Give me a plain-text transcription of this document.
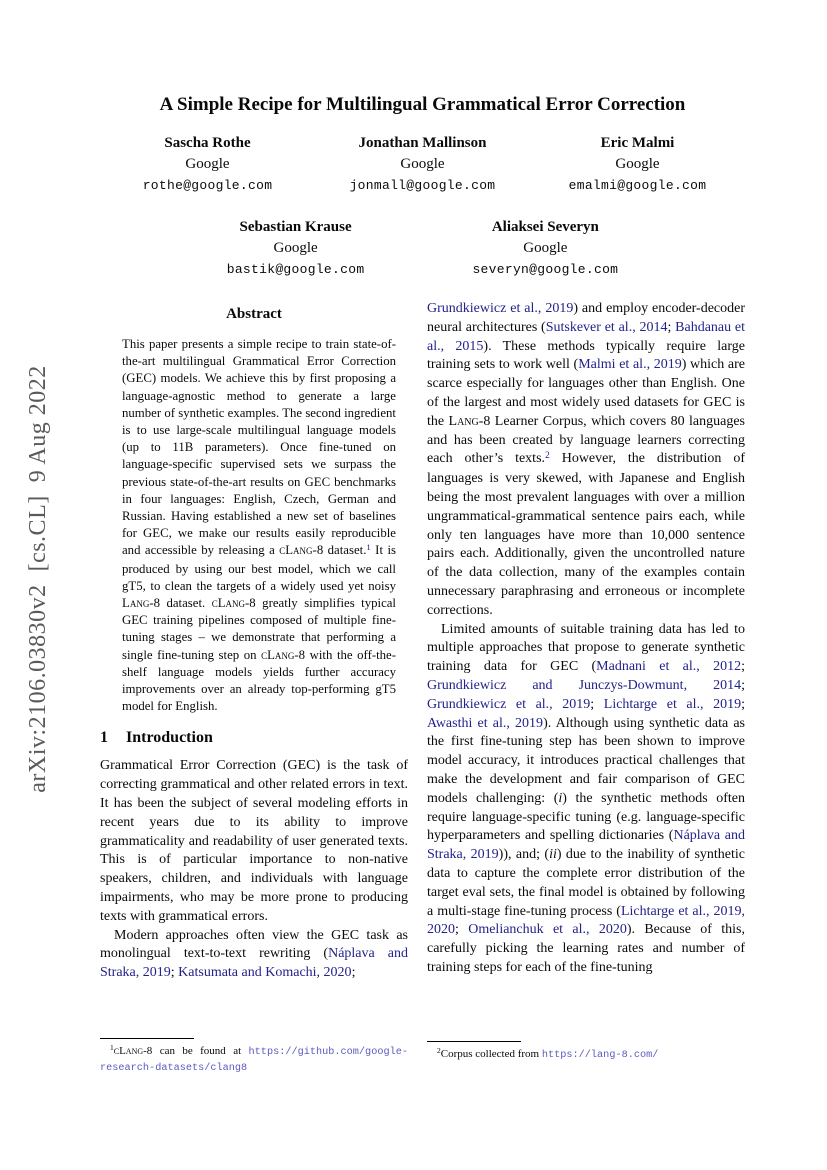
arXiv:2106.03830v2  [cs.CL]  9 Aug 2022
A Simple Recipe for Multilingual Grammatical Error Correction
Sascha Rothe
Google
rothe@google.com
Jonathan Mallinson
Google
jonmall@google.com
Eric Malmi
Google
emalmi@google.com
Sebastian Krause
Google
bastik@google.com
Aliaksei Severyn
Google
severyn@google.com
Abstract

This paper presents a simple recipe to train state-of-the-art multilingual Grammatical Error Correction (GEC) models. We achieve this by first proposing a language-agnostic method to generate a large number of synthetic examples. The second ingredient is to use large-scale multilingual language models (up to 11B parameters). Once fine-tuned on language-specific supervised sets we surpass the previous state-of-the-art results on GEC benchmarks in four languages: English, Czech, German and Russian. Having established a new set of baselines for GEC, we make our results easily reproducible and accessible by releasing a cLang-8 dataset.$^1$ It is produced by using our best model, which we call gT5, to clean the targets of a widely used yet noisy Lang-8 dataset. cLang-8 greatly simplifies typical GEC training pipelines composed of multiple fine-tuning stages – we demonstrate that performing a single fine-tuning step on cLang-8 with the off-the-shelf language models yields further accuracy improvements over an already top-performing gT5 model for English.

1 Introduction

Grammatical Error Correction (GEC) is the task of correcting grammatical and other related errors in text. It has been the subject of several modeling efforts in recent years due to its ability to improve grammaticality and readability of user generated texts. This is of particular importance to non-native speakers, children, and individuals with language impairments, who may be more prone to producing texts with grammatical errors.

Modern approaches often view the GEC task as monolingual text-to-text rewriting (Náplava and Straka, 2019; Katsumata and Komachi, 2020;

$^1$cLang-8 can be found at https://github.com/google-research-datasets/clang8

Grundkiewicz et al., 2019) and employ encoder-decoder neural architectures (Sutskever et al., 2014; Bahdanau et al., 2015). These methods typically require large training sets to work well (Malmi et al., 2019) which are scarce especially for languages other than English. One of the largest and most widely used datasets for GEC is the Lang-8 Learner Corpus, which covers 80 languages and has been created by language learners correcting each other’s texts.$^2$ However, the distribution of languages is very skewed, with Japanese and English being the most prevalent languages with over a million ungrammatical-grammatical sentence pairs each, while only ten languages have more than 10,000 sentence pairs each. Additionally, given the uncontrolled nature of the data collection, many of the examples contain unnecessary paraphrasing and erroneous or incomplete corrections.

Limited amounts of suitable training data has led to multiple approaches that propose to generate synthetic training data for GEC (Madnani et al., 2012; Grundkiewicz and Junczys-Dowmunt, 2014; Grundkiewicz et al., 2019; Lichtarge et al., 2019; Awasthi et al., 2019). Although using synthetic data as the first fine-tuning step has been shown to improve model accuracy, it introduces practical challenges that make the development and fair comparison of GEC models challenging: (i) the synthetic methods often require language-specific tuning (e.g. language-specific hyperparameters and spelling dictionaries (Náplava and Straka, 2019)), and; (ii) due to the inability of synthetic data to capture the complete error distribution of the target eval sets, the final model is obtained by following a multi-stage fine-tuning process (Lichtarge et al., 2019, 2020; Omelianchuk et al., 2020). Because of this, carefully picking the learning rates and number of training steps for each of the fine-tuning

$^2$Corpus collected from https://lang-8.com/
